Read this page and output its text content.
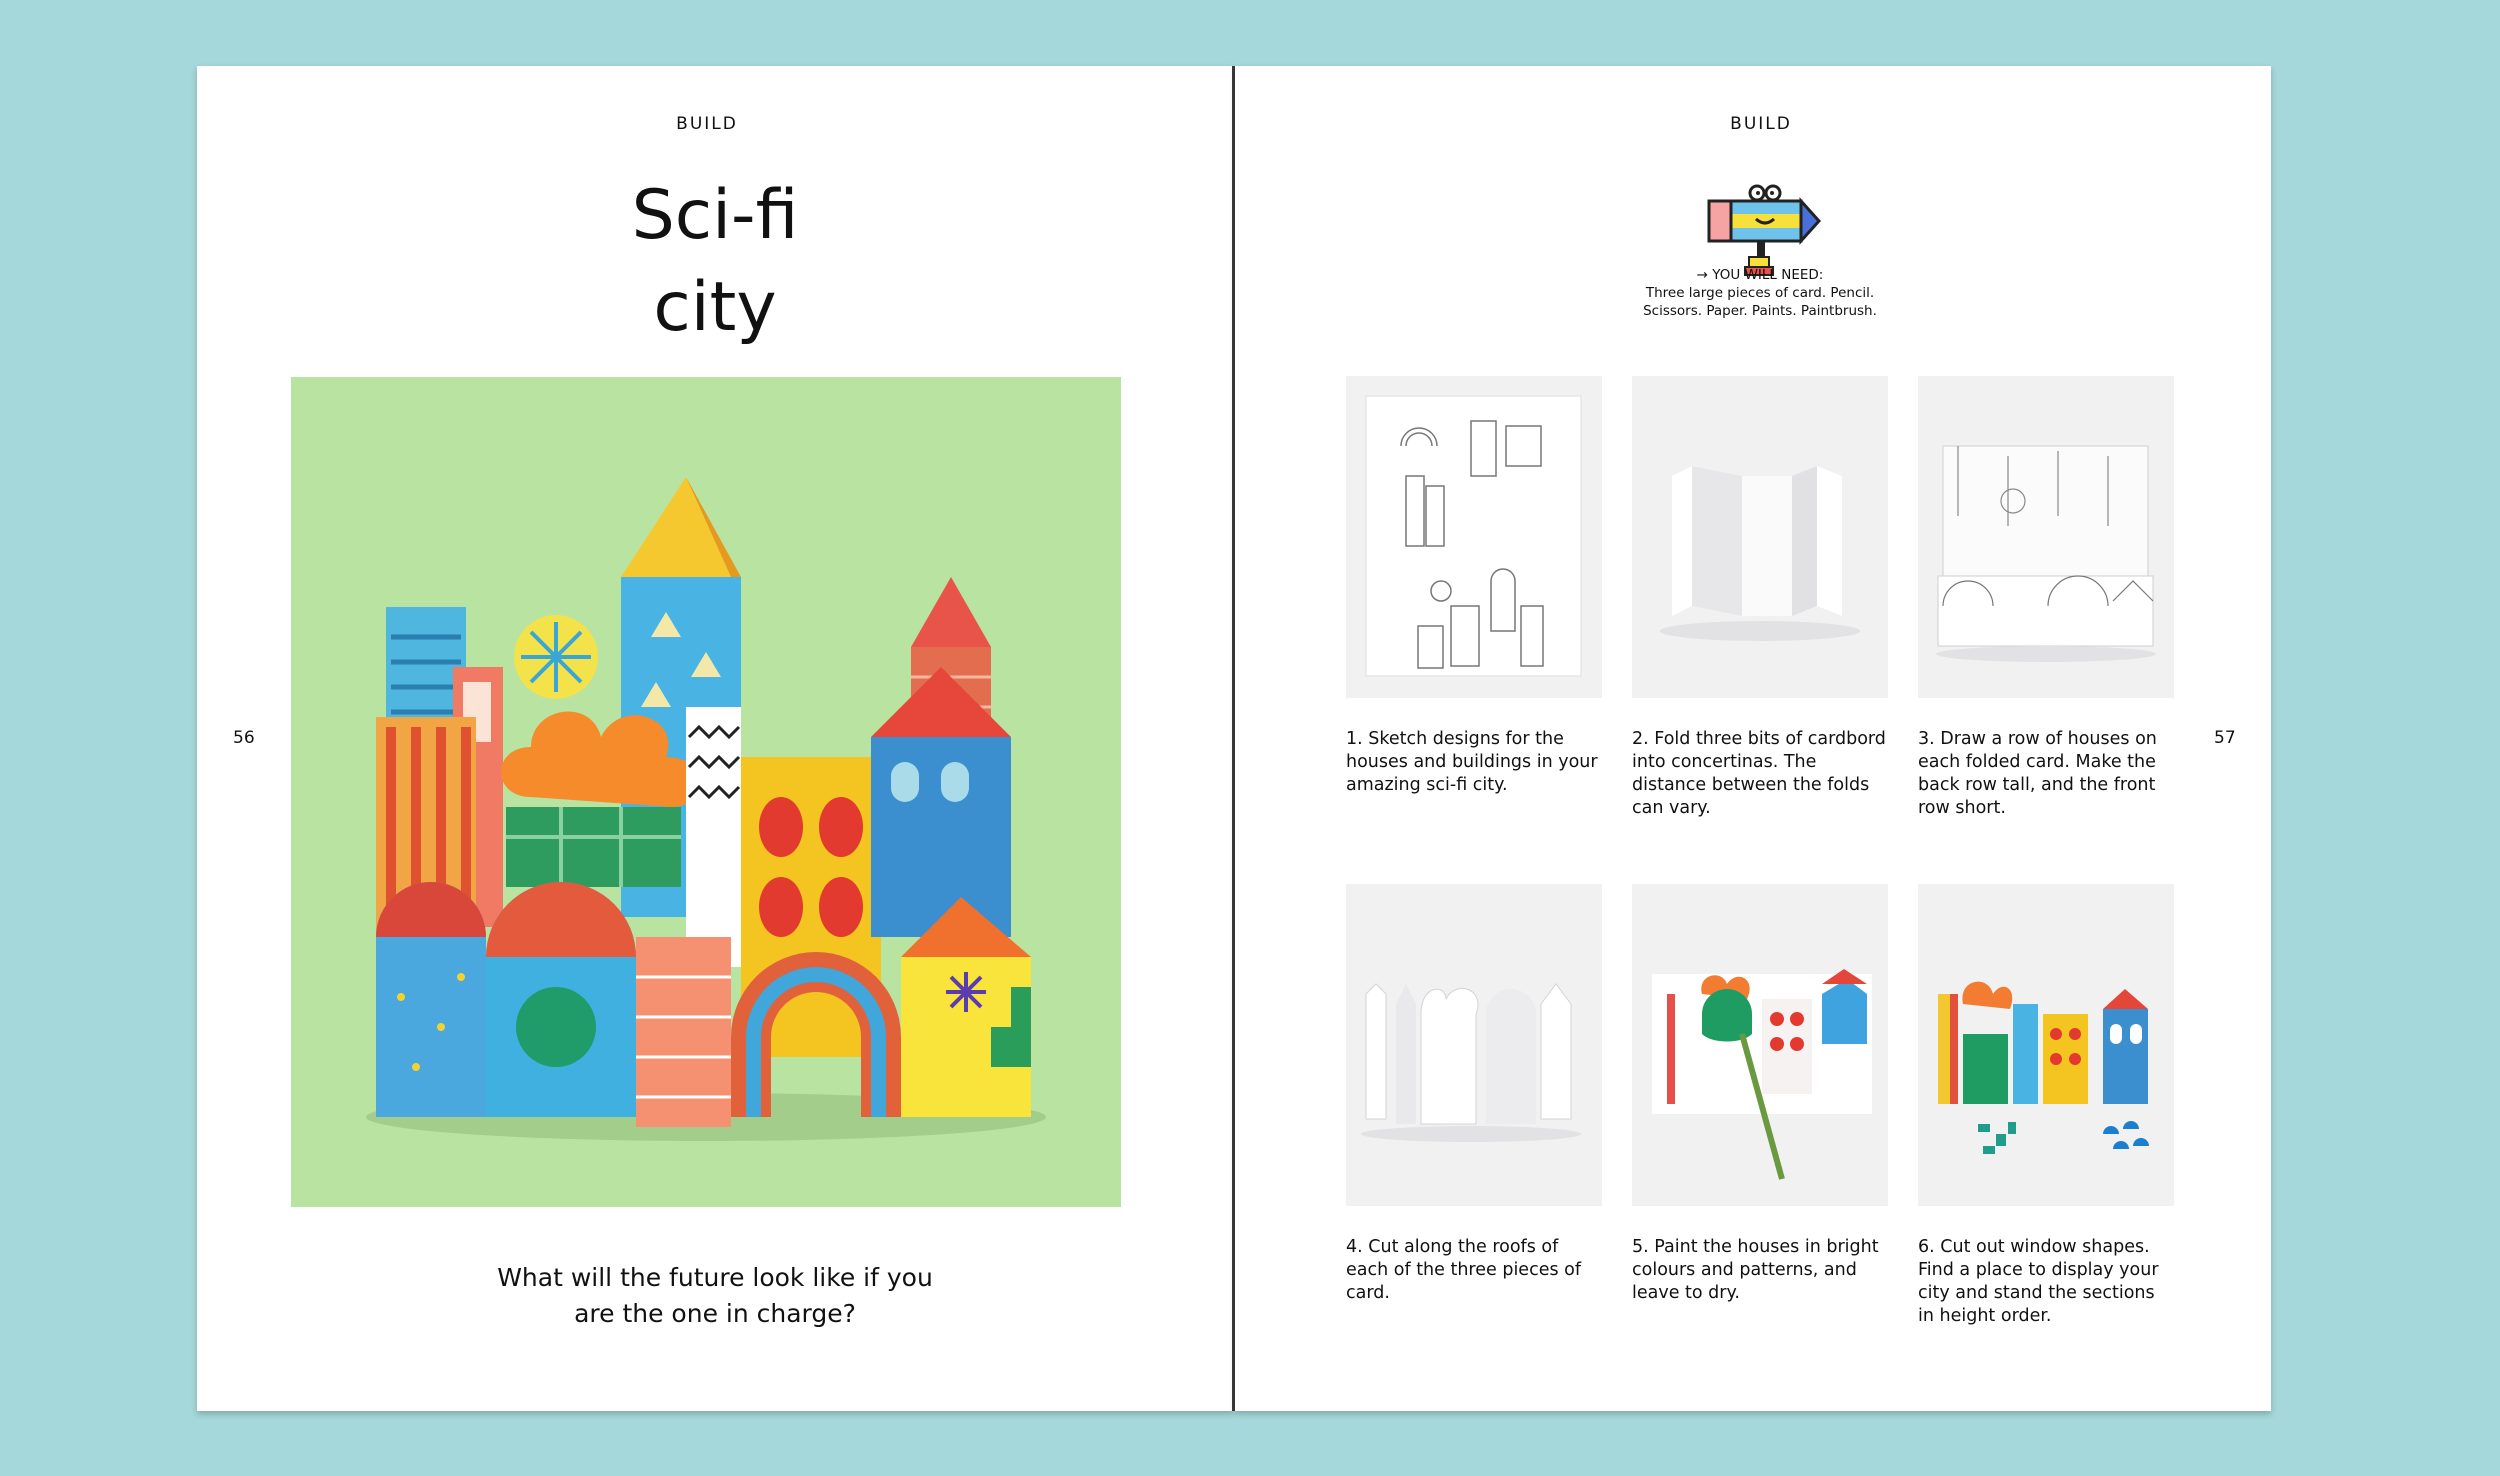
BUILD
Sci-fi
city
What will the future look like if you
are the one in charge?
56
BUILD
→ YOU WILL NEED:
Three large pieces of card. Pencil.
Scissors. Paper. Paints. Paintbrush.
1. Sketch designs for the houses and buildings in your amazing sci-fi city.
2. Fold three bits of cardbord into concertinas. The distance between the folds can vary.
3. Draw a row of houses on each folded card. Make the back row tall, and the front row short.
4. Cut along the roofs of each of the three pieces of card.
5. Paint the houses in bright colours and patterns, and leave to dry.
6. Cut out window shapes. Find a place to display your city and stand the sections in height order.
57
